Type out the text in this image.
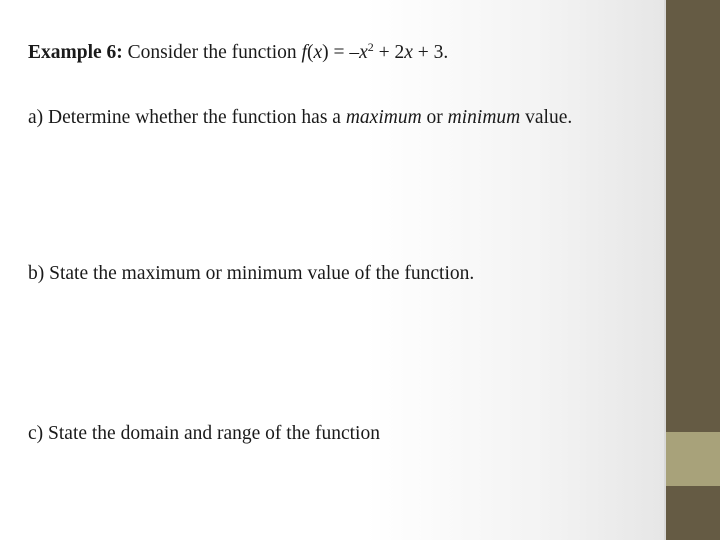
Example 6: Consider the function $f(x) = -x^2 + 2x + 3$.
a) Determine whether the function has a maximum or minimum value.
b) State the maximum or minimum value of the function.
c) State the domain and range of the function
